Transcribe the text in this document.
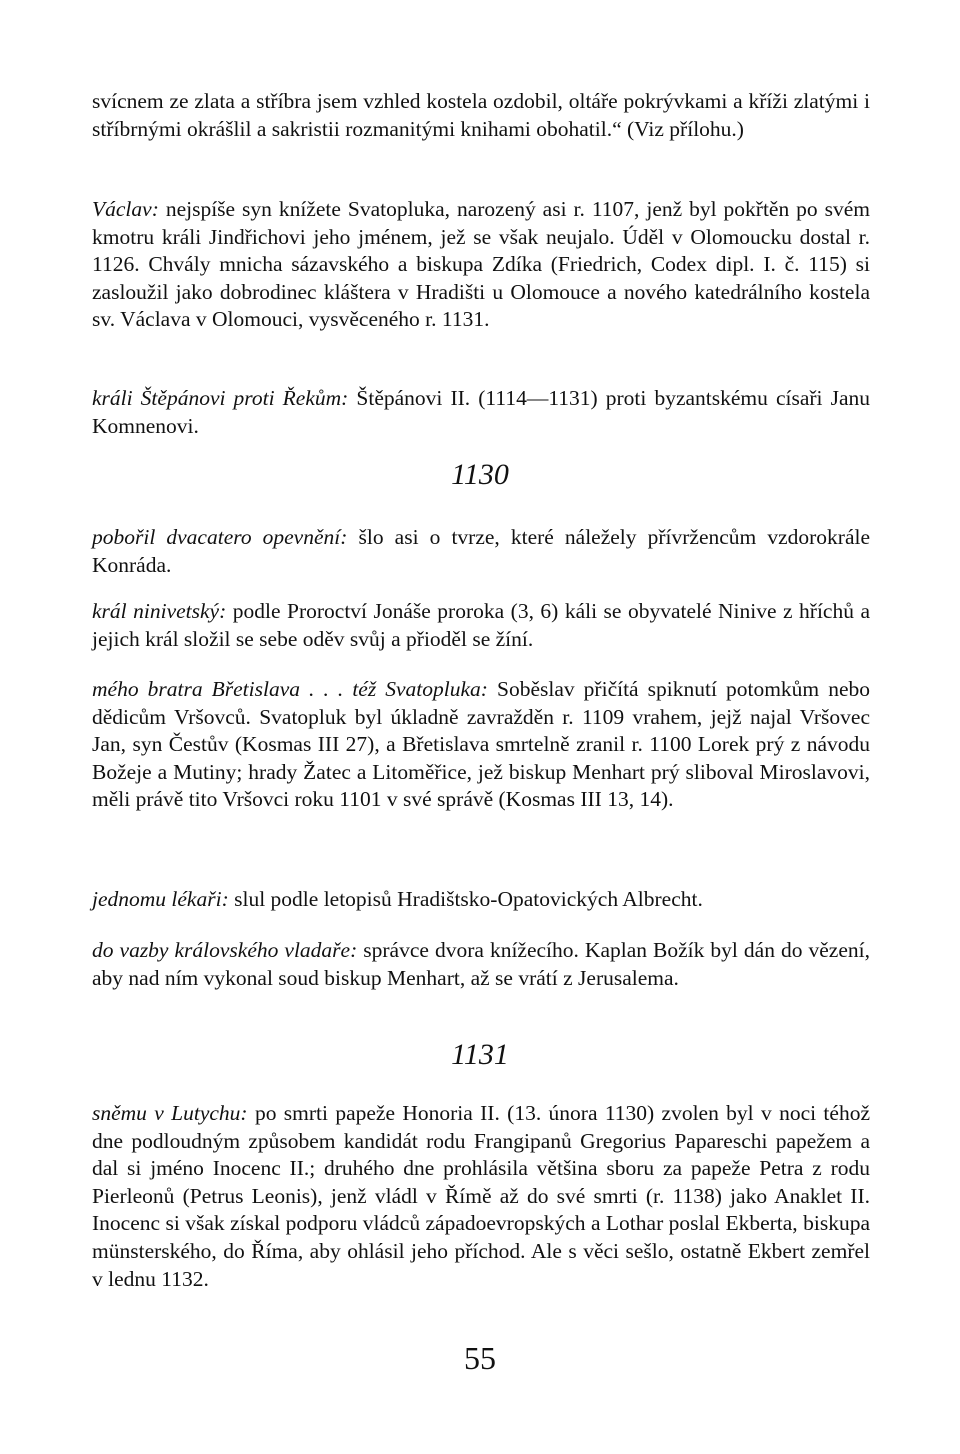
svícnem ze zlata a stříbra jsem vzhled kostela ozdobil, oltáře pokrývkami a kříži zlatými i stříbrnými okrášlil a sakristii rozmanitými knihami obohatil.“ (Viz přílohu.)

Václav: nejspíše syn knížete Svatopluka, narozený asi r. 1107, jenž byl pokřtěn po svém kmotru králi Jindřichovi jeho jménem, jež se však neujalo. Úděl v Olomoucku dostal r. 1126. Chvály mnicha sázavského a biskupa Zdíka (Friedrich, Codex dipl. I. č. 115) si zasloužil jako dobrodinec kláštera v Hradišti u Olomouce a nového katedrálního kostela sv. Václava v Olomouci, vysvěceného r. 1131.

králi Štěpánovi proti Řekům: Štěpánovi II. (1114—1131) proti byzantskému císaři Janu Komnenovi.

1130

pobořil dvacatero opevnění: šlo asi o tvrze, které náležely přívržencům vzdorokrále Konráda.

král ninivetský: podle Proroctví Jonáše proroka (3, 6) káli se obyvatelé Ninive z hříchů a jejich král složil se sebe oděv svůj a přioděl se žíní.

mého bratra Břetislava . . . též Svatopluka: Soběslav přičítá spiknutí potomkům nebo dědicům Vršovců. Svatopluk byl úkladně zavražděn r. 1109 vrahem, jejž najal Vršovec Jan, syn Čestův (Kosmas III 27), a Břetislava smrtelně zranil r. 1100 Lorek prý z návodu Božeje a Mutiny; hrady Žatec a Litoměřice, jež biskup Menhart prý sliboval Miroslavovi, měli právě tito Vršovci roku 1101 v své správě (Kosmas III 13, 14).

jednomu lékaři: slul podle letopisů Hradištsko-Opatovických Albrecht.

do vazby královského vladaře: správce dvora knížecího. Kaplan Božík byl dán do vězení, aby nad ním vykonal soud biskup Menhart, až se vrátí z Jerusalema.

1131

sněmu v Lutychu: po smrti papeže Honoria II. (13. února 1130) zvolen byl v noci téhož dne podloudným způsobem kandidát rodu Frangipanů Gregorius Papareschi papežem a dal si jméno Inocenc II.; druhého dne prohlásila většina sboru za papeže Petra z rodu Pierleonů (Petrus Leonis), jenž vládl v Římě až do své smrti (r. 1138) jako Anaklet II. Inocenc si však získal podporu vládců západoevropských a Lothar poslal Ekberta, biskupa münsterského, do Říma, aby ohlásil jeho příchod. Ale s věci sešlo, ostatně Ekbert zemřel v lednu 1132.

55
